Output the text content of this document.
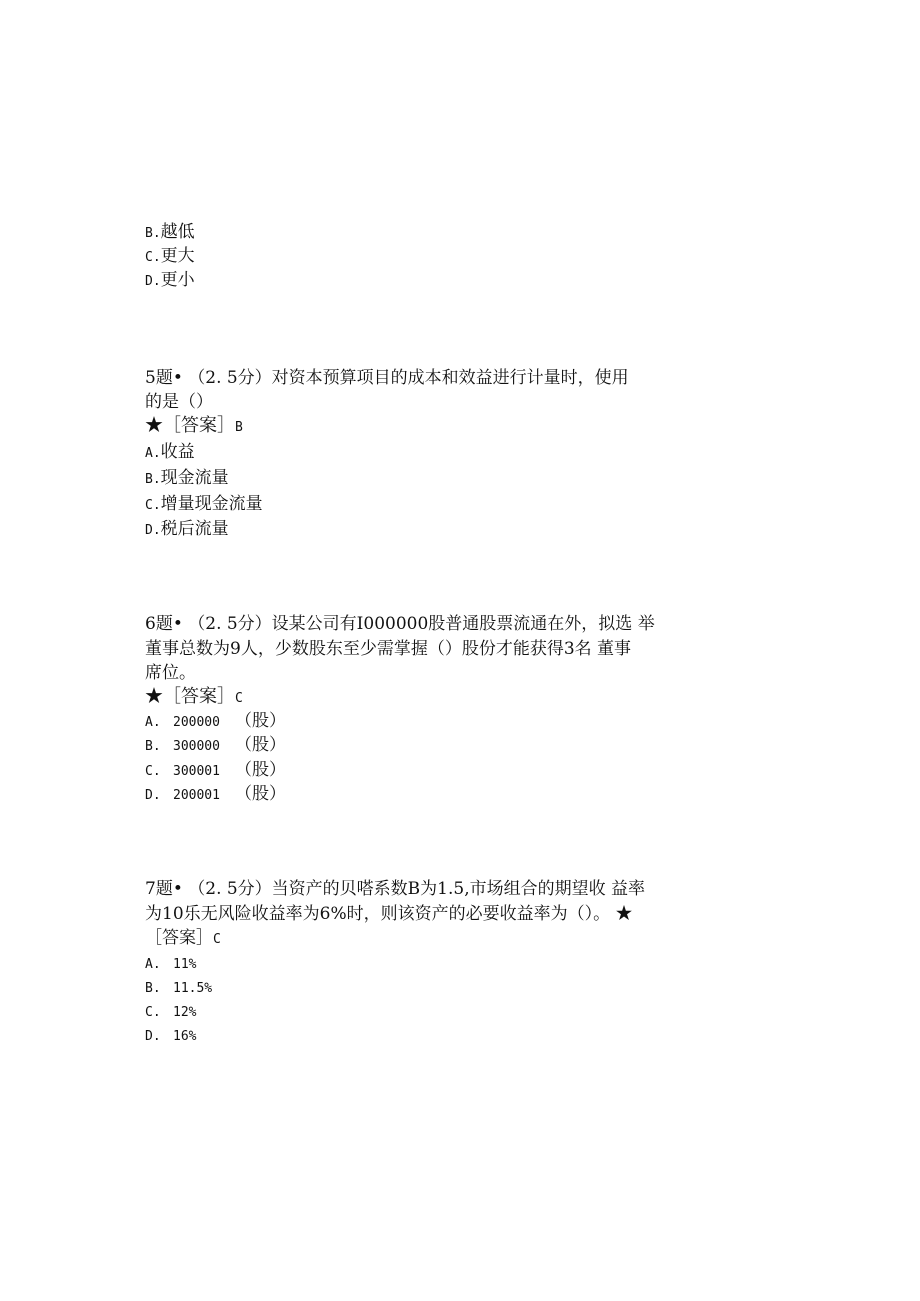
B.越低
C.更大
D.更小
5题• （2. 5分）对资本预算项目的成本和效益进行计量时，使用
的是（）
★［答案］B
A.收益
B.现金流量
C.增量现金流量
D.税后流量
6题• （2. 5分）设某公司有I000000股普通股票流通在外，拟选 举
董事总数为9人，少数股东至少需掌握（）股份才能获得3名 董事
席位。
★［答案］C
A. 200000 （股）
B. 300000 （股）
C. 300001 （股）
D. 200001 （股）
7题• （2. 5分）当资产的贝嗒系数B为1.5,市场组合的期望收 益率
为10乐无风险收益率为6%时，则该资产的必要收益率为（）。 ★
［答案］C
A. 11%
B. 11.5%
C. 12%
D. 16%
